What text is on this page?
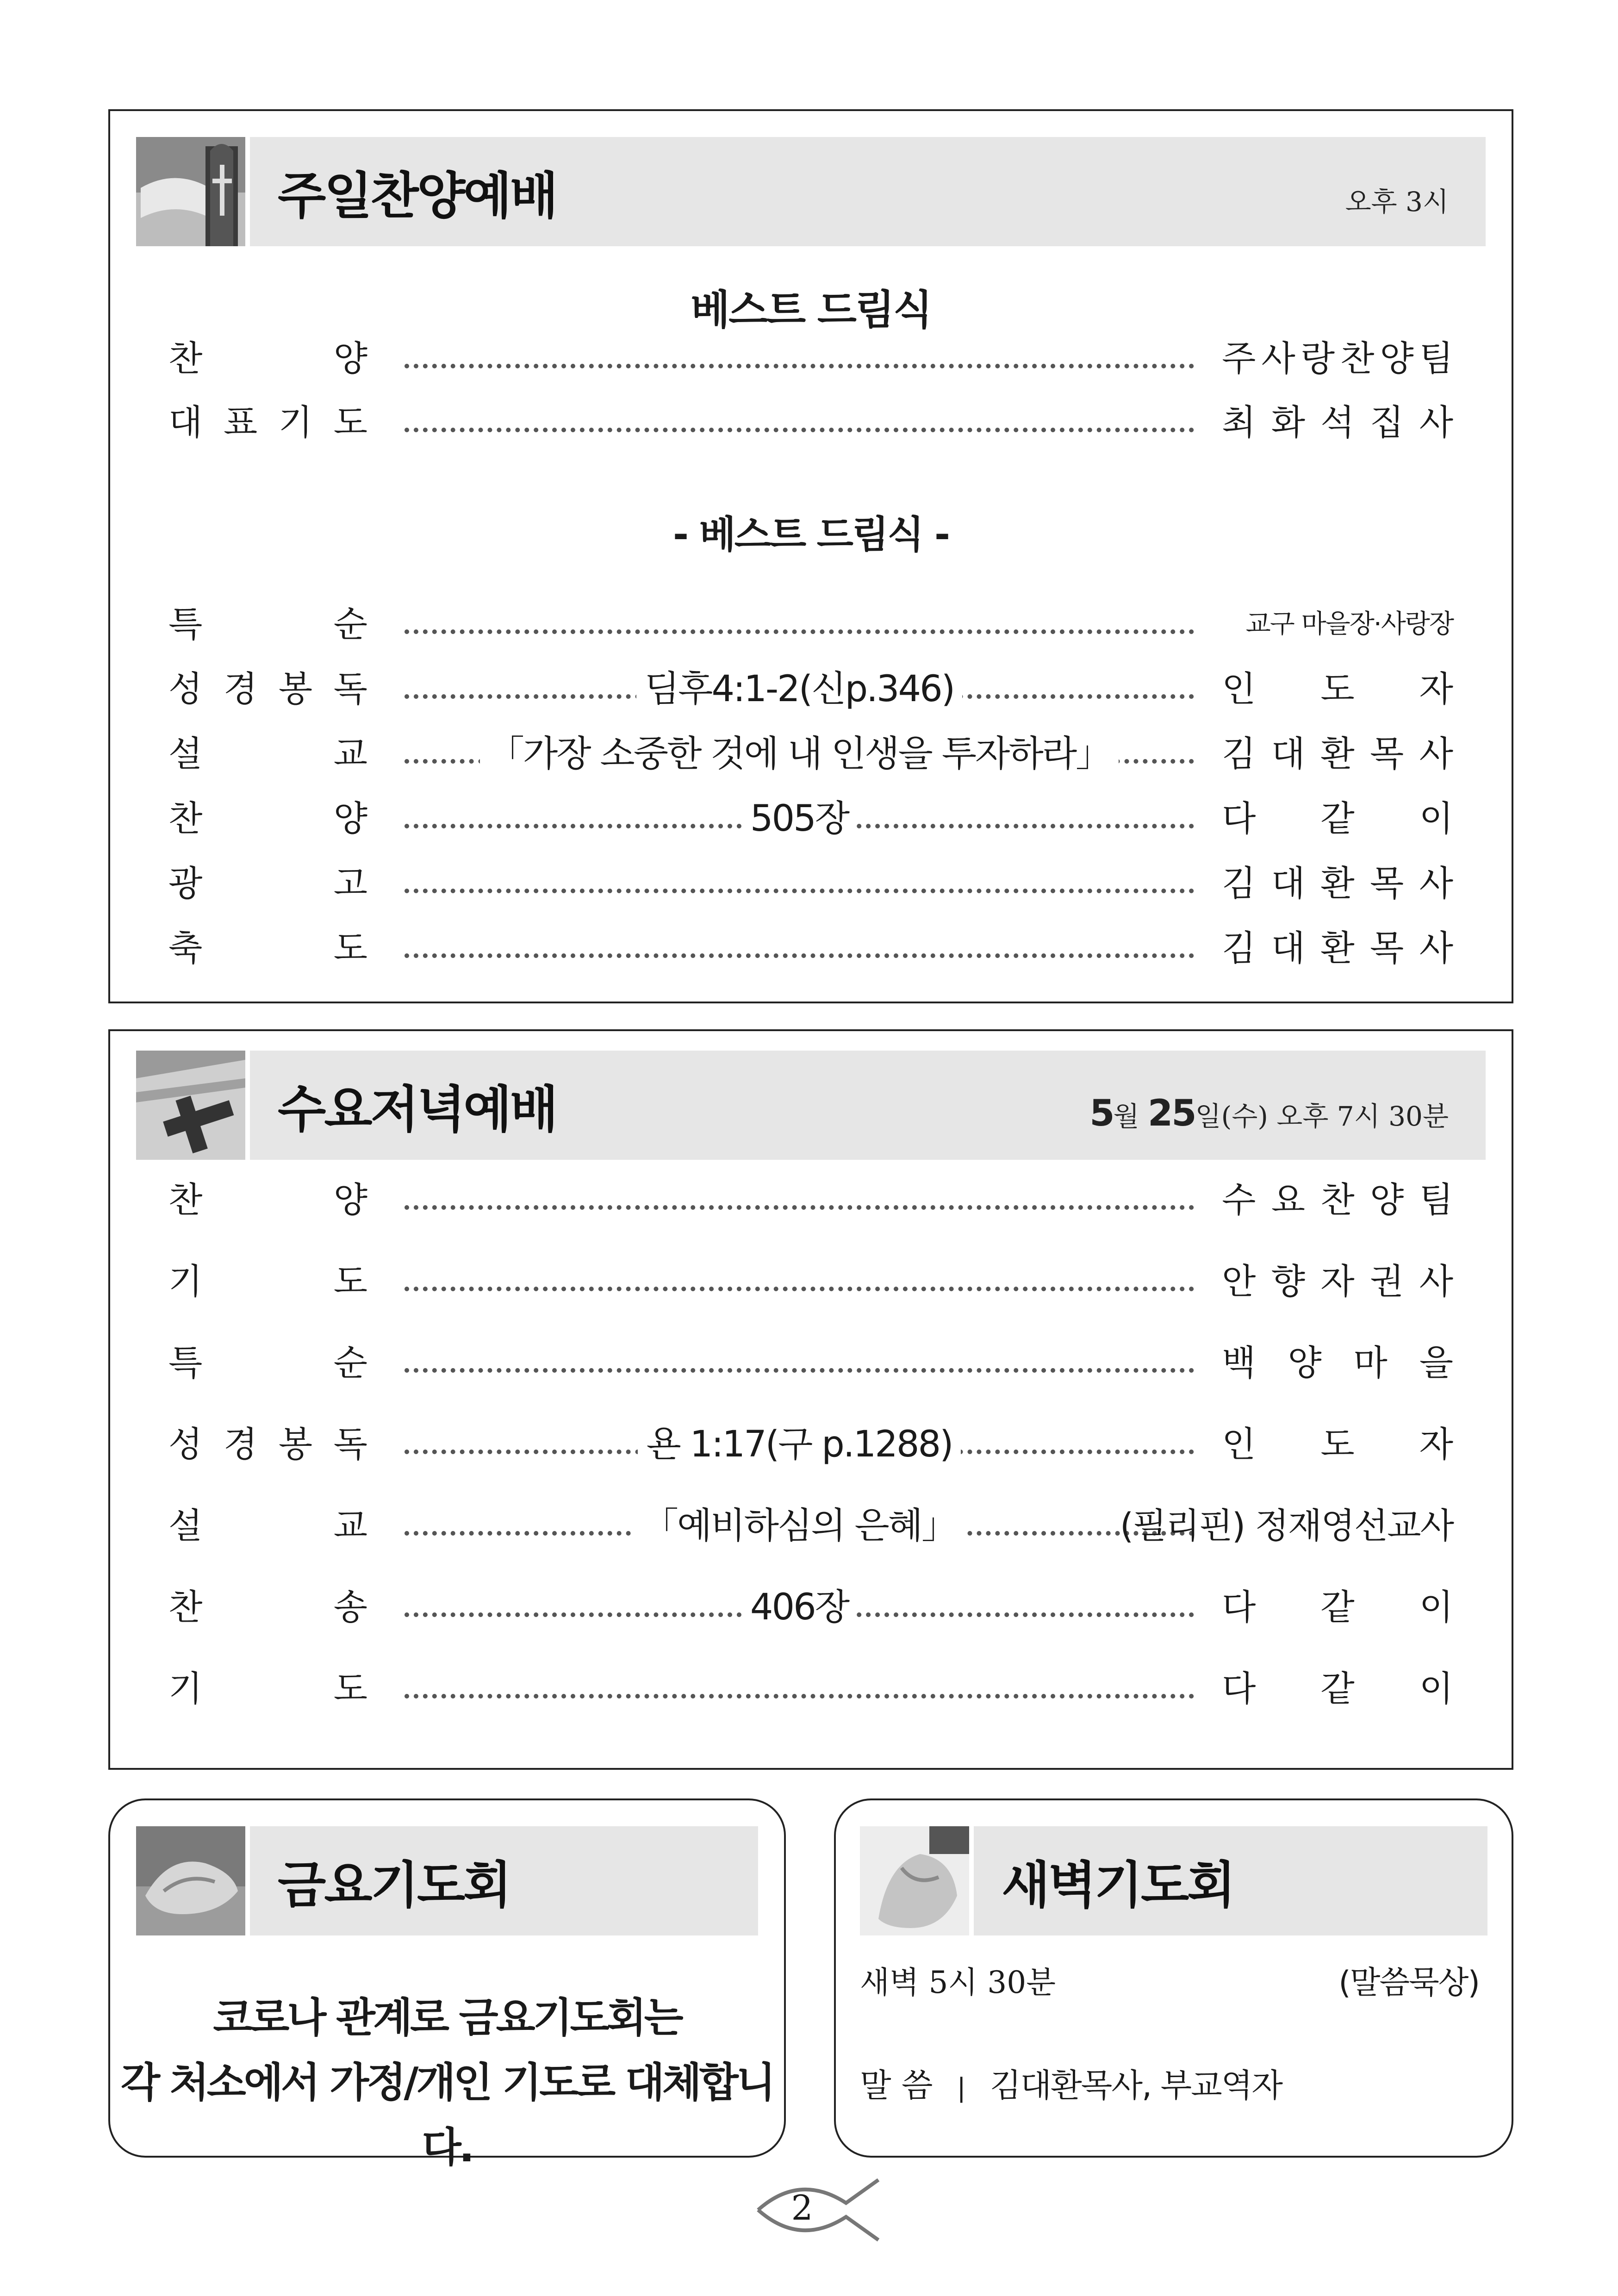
주일찬양예배	오후 3시
베스트 드림식
찬	양	주 사 랑 찬 양 팀
대 표 기 도	최 화 석 집 사
- 베스트 드림식 -
특	순	교구 마을장·사랑장
성 경 봉 독	딤후4:1-2(신p.346)	인 도 자
설	교	「가장 소중한 것에 내 인생을 투자하라」	김 대 환 목 사
찬	양	505장	다 같 이
광	고	김 대 환 목 사
축	도	김 대 환 목 사
수요저녁예배	5월 25일(수) 오후 7시 30분
찬	양	수 요 찬 양 팀
기	도	안 향 자 권 사
특	순	백 양 마 을
성 경 봉 독	욘 1:17(구 p.1288)	인 도 자
설	교	「예비하심의 은혜」	(필리핀) 정재영선교사
찬	송	406장	다 같 이
기	도	다 같 이
금요기도회
코로나 관계로 금요기도회는
각 처소에서 가정/개인 기도로 대체합니다.
새벽기도회
새벽 5시 30분	(말씀묵상)
말 씀 | 김대환목사, 부교역자
2
